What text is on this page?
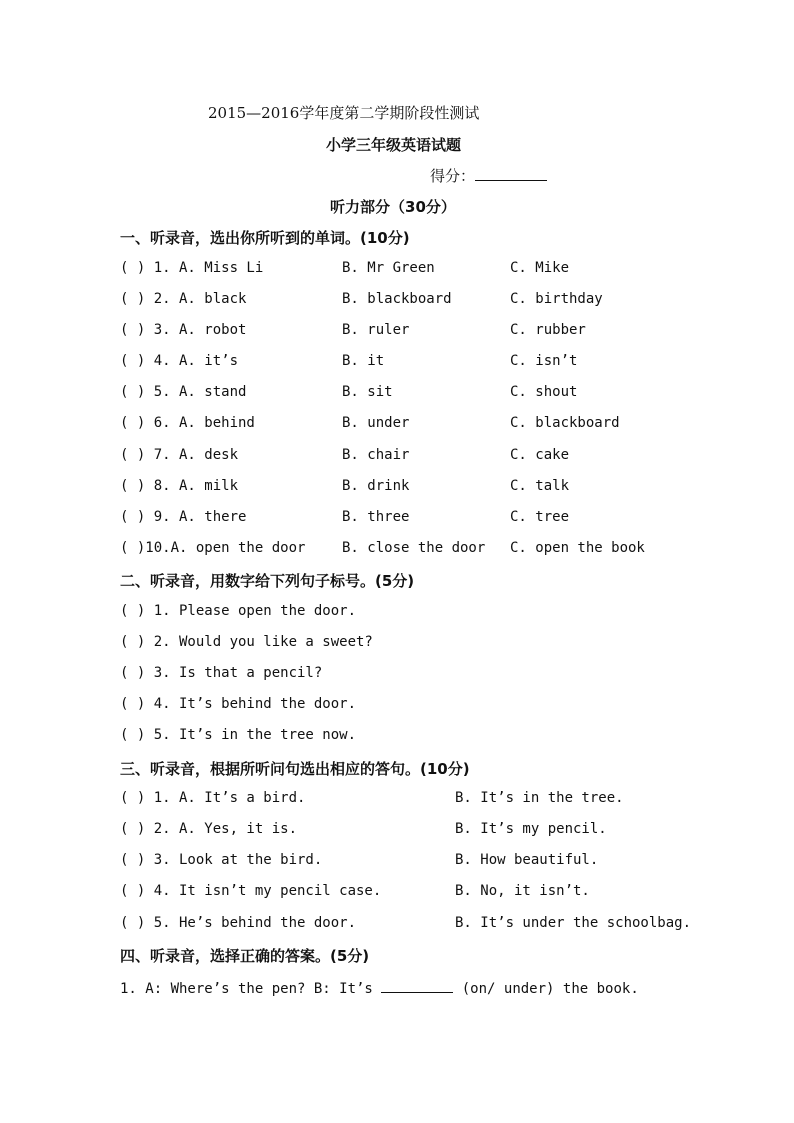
2015—2016学年度第二学期阶段性测试
小学三年级英语试题
得分：
听力部分（30分）
一、听录音，选出你所听到的单词。(10分)
( ) 1. A. Miss Li	B. Mr Green	C. Mike
( ) 2. A. black	B. blackboard	C. birthday
( ) 3. A. robot	B. ruler	C. rubber
( ) 4. A. it’s	B. it	C. isn’t
( ) 5. A. stand	B. sit	C. shout
( ) 6. A. behind	B. under	C. blackboard
( ) 7. A. desk	B. chair	C. cake
( ) 8. A. milk	B. drink	C. talk
( ) 9. A. there	B. three	C. tree
( )10.A. open the door	B. close the door C. open the book
二、听录音，用数字给下列句子标号。(5分)
( ) 1. Please open the door.
( ) 2. Would you like a sweet?
( ) 3. Is that a pencil?
( ) 4. It’s behind the door.
( ) 5. It’s in the tree now.
三、听录音，根据所听问句选出相应的答句。(10分)
( ) 1. A. It’s a bird.	B. It’s in the tree.
( ) 2. A. Yes, it is.	B. It’s my pencil.
( ) 3. Look at the bird.	B. How beautiful.
( ) 4. It isn’t my pencil case.	B. No, it isn’t.
( ) 5. He’s behind the door.	B. It’s under the schoolbag.
四、听录音，选择正确的答案。(5分)
1. A: Where’s the pen? B: It’s	(on/ under) the book.
